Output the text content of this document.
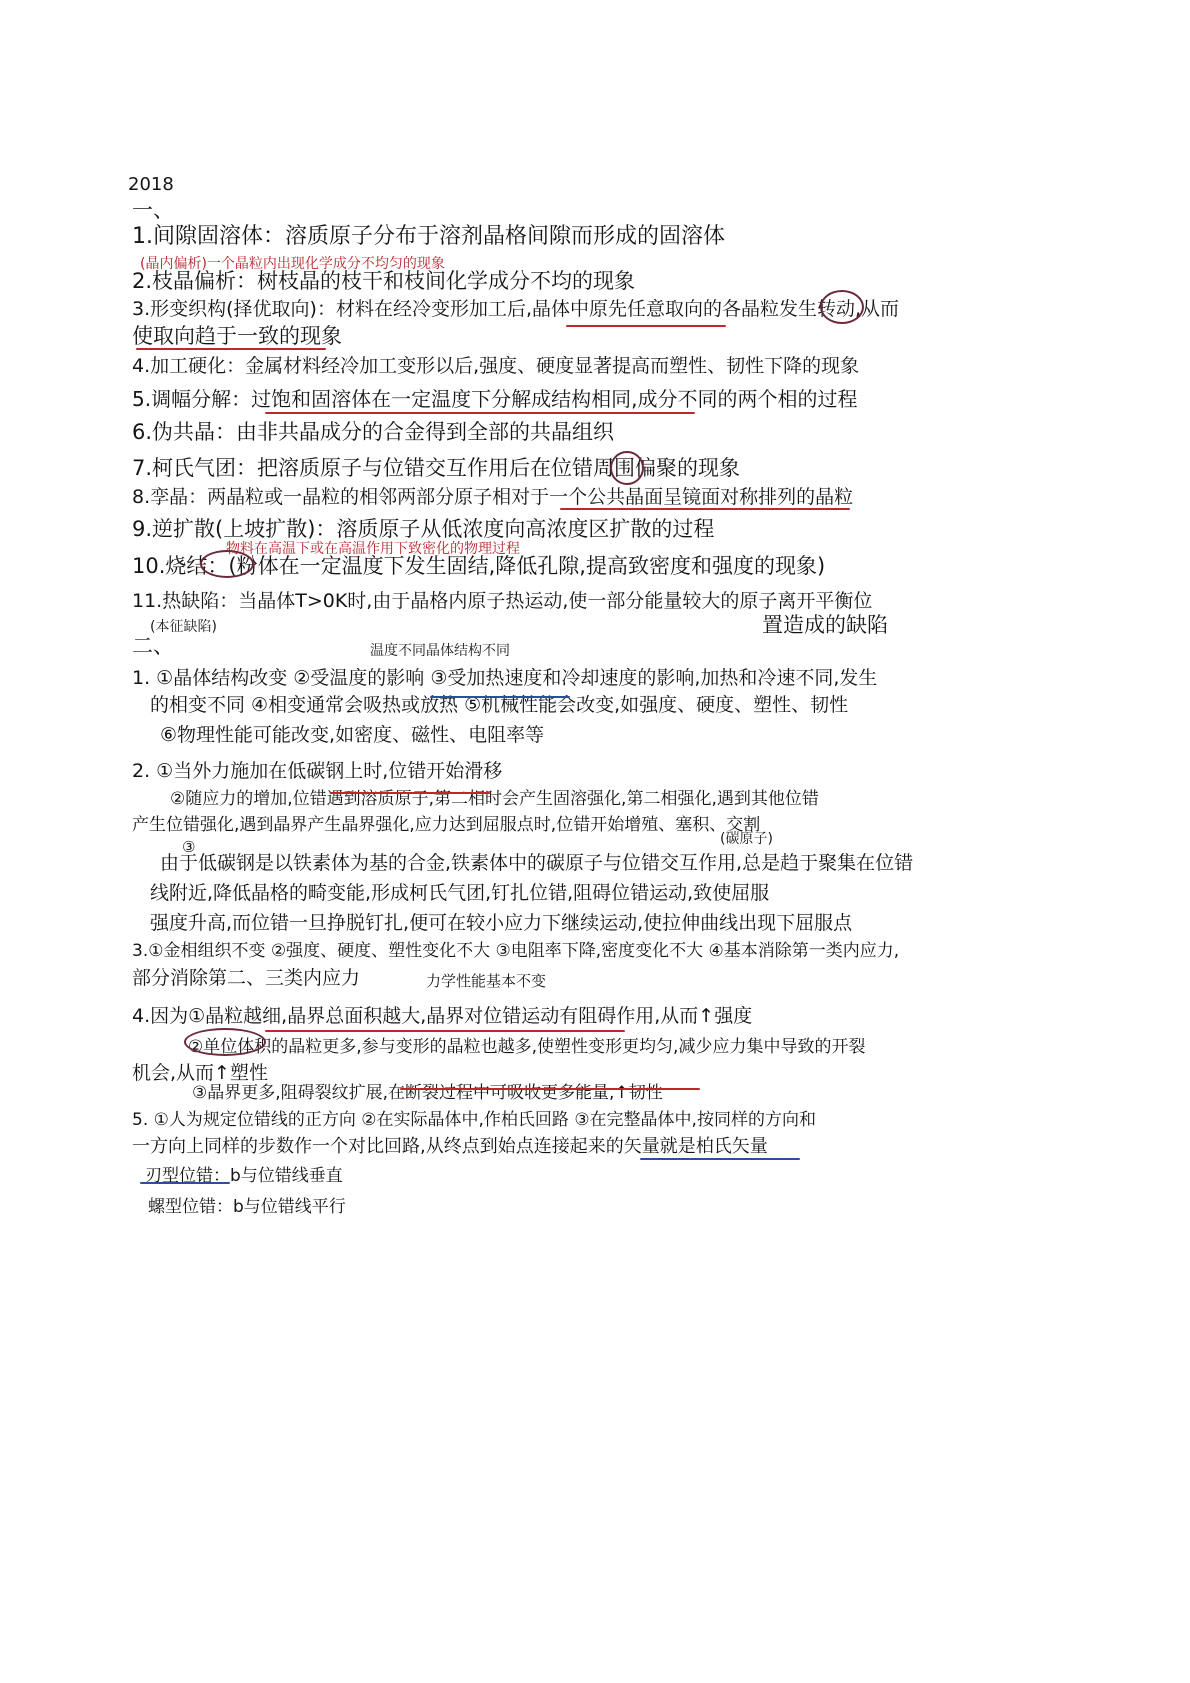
2018
一、
1.间隙固溶体：溶质原子分布于溶剂晶格间隙而形成的固溶体
(晶内偏析)一个晶粒内出现化学成分不均匀的现象
2.枝晶偏析：树枝晶的枝干和枝间化学成分不均的现象
3.形变织构(择优取向)：材料在经冷变形加工后,晶体中原先任意取向的各晶粒发生转动,从而
使取向趋于一致的现象
4.加工硬化：金属材料经冷加工变形以后,强度、硬度显著提高而塑性、韧性下降的现象
5.调幅分解：过饱和固溶体在一定温度下分解成结构相同,成分不同的两个相的过程
6.伪共晶：由非共晶成分的合金得到全部的共晶组织
7.柯氏气团：把溶质原子与位错交互作用后在位错周围偏聚的现象
8.孪晶：两晶粒或一晶粒的相邻两部分原子相对于一个公共晶面呈镜面对称排列的晶粒
9.逆扩散(上坡扩散)：溶质原子从低浓度向高浓度区扩散的过程
物料在高温下或在高温作用下致密化的物理过程
10.烧结：(粉体在一定温度下发生固结,降低孔隙,提高致密度和强度的现象)
11.热缺陷：当晶体T>0K时,由于晶格内原子热运动,使一部分能量较大的原子离开平衡位
置造成的缺陷
(本征缺陷)
二、	温度不同晶体结构不同
1. ①晶体结构改变 ②受温度的影响 ③受加热速度和冷却速度的影响,加热和冷速不同,发生
的相变不同 ④相变通常会吸热或放热 ⑤机械性能会改变,如强度、硬度、塑性、韧性
⑥物理性能可能改变,如密度、磁性、电阻率等
2. ①当外力施加在低碳钢上时,位错开始滑移
②随应力的增加,位错遇到溶质原子,第二相时会产生固溶强化,第二相强化,遇到其他位错
产生位错强化,遇到晶界产生晶界强化,应力达到屈服点时,位错开始增殖、塞积、交割
(碳原子)
③
由于低碳钢是以铁素体为基的合金,铁素体中的碳原子与位错交互作用,总是趋于聚集在位错
线附近,降低晶格的畸变能,形成柯氏气团,钉扎位错,阻碍位错运动,致使屈服
强度升高,而位错一旦挣脱钉扎,便可在较小应力下继续运动,使拉伸曲线出现下屈服点
3.①金相组织不变 ②强度、硬度、塑性变化不大 ③电阻率下降,密度变化不大 ④基本消除第一类内应力,
部分消除第二、三类内应力	力学性能基本不变
4.因为①晶粒越细,晶界总面积越大,晶界对位错运动有阻碍作用,从而↑强度
②单位体积的晶粒更多,参与变形的晶粒也越多,使塑性变形更均匀,减少应力集中导致的开裂
机会,从而↑塑性
③晶界更多,阻碍裂纹扩展,在断裂过程中可吸收更多能量,↑韧性
5. ①人为规定位错线的正方向 ②在实际晶体中,作柏氏回路 ③在完整晶体中,按同样的方向和
一方向上同样的步数作一个对比回路,从终点到始点连接起来的矢量就是柏氏矢量
刃型位错：b与位错线垂直
螺型位错：b与位错线平行
